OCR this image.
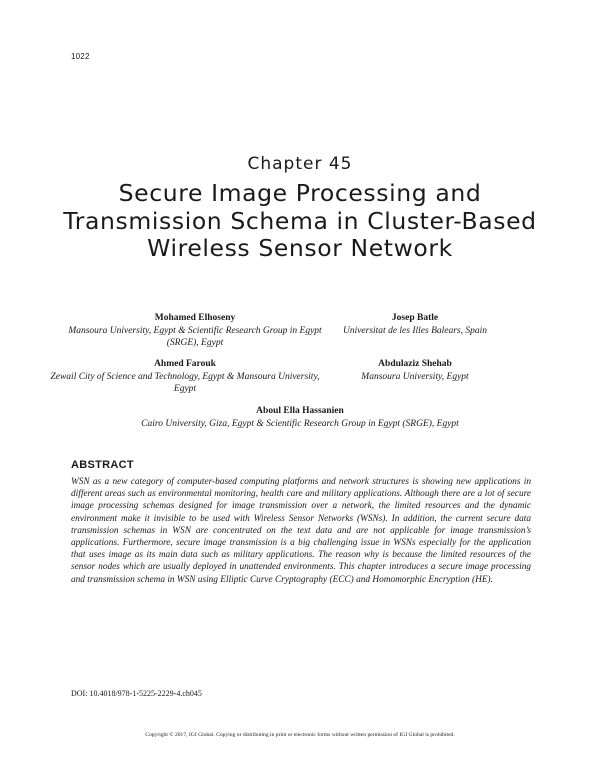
1022
Chapter 45
Secure Image Processing and Transmission Schema in Cluster-Based Wireless Sensor Network
Mohamed Elhoseny
Mansoura University, Egypt & Scientific Research Group in Egypt (SRGE), Egypt
Josep Batle
Universitat de les Illes Balears, Spain
Ahmed Farouk
Zewail City of Science and Technology, Egypt & Mansoura University, Egypt
Abdulaziz Shehab
Mansoura University, Egypt
Aboul Ella Hassanien
Cairo University, Giza, Egypt & Scientific Research Group in Egypt (SRGE), Egypt
ABSTRACT

WSN as a new category of computer-based computing platforms and network structures is showing new applications in different areas such as environmental monitoring, health care and military applications. Although there are a lot of secure image processing schemas designed for image transmission over a network, the limited resources and the dynamic environment make it invisible to be used with Wireless Sensor Networks (WSNs). In addition, the current secure data transmission schemas in WSN are concentrated on the text data and are not applicable for image transmission’s applications. Furthermore, secure image transmission is a big challenging issue in WSNs especially for the application that uses image as its main data such as military applications. The reason why is because the limited resources of the sensor nodes which are usually deployed in unattended environments. This chapter introduces a secure image processing and transmission schema in WSN using Elliptic Curve Cryptography (ECC) and Homomorphic Encryption (HE).

DOI: 10.4018/978-1-5225-2229-4.ch045
Copyright © 2017, IGI Global. Copying or distributing in print or electronic forms without written permission of IGI Global is prohibited.
